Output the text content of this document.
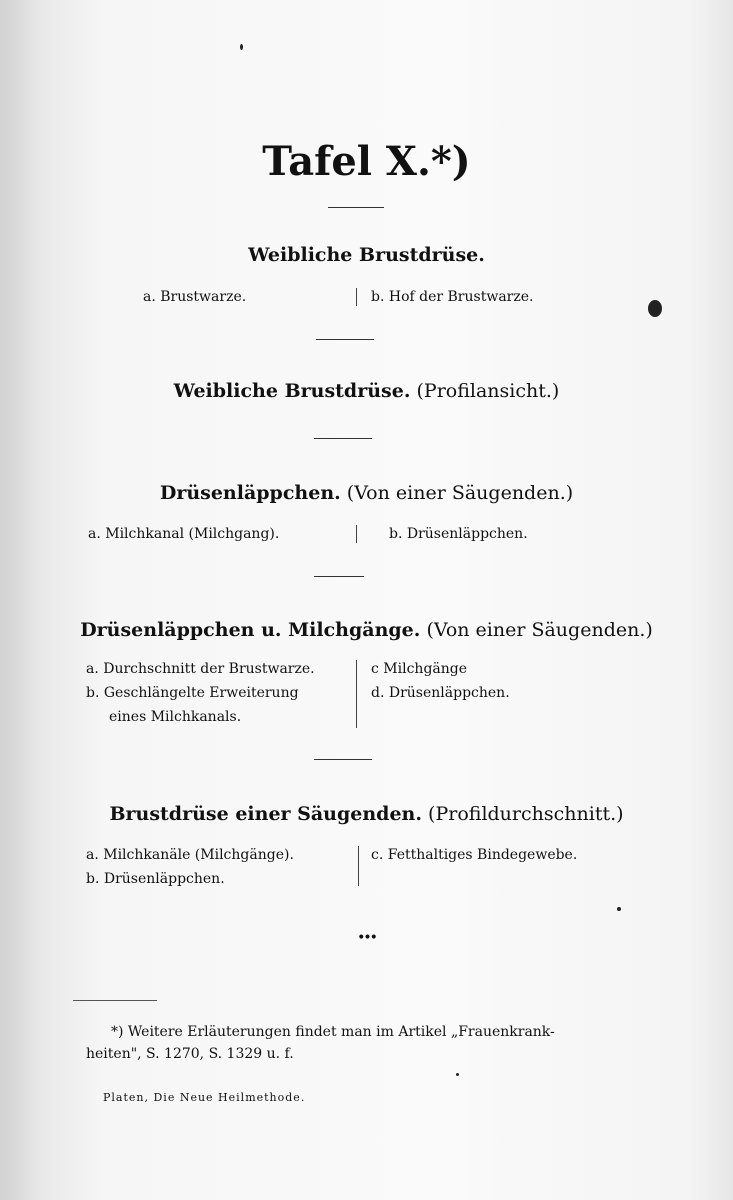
Tafel X.*)
Weibliche Brustdrüse.
a. Brustwarze.	b. Hof der Brustwarze.
Weibliche Brustdrüse. (Profilansicht.)
Drüsenläppchen. (Von einer Säugenden.)
a. Milchkanal (Milchgang).	b. Drüsenläppchen.
Drüsenläppchen u. Milchgänge. (Von einer Säugenden.)
a. Durchschnitt der Brustwarze.
b. Geschlängelte Erweiterung
eines Milchkanals.
c Milchgänge
d. Drüsenläppchen.
Brustdrüse einer Säugenden. (Profildurchschnitt.)
a. Milchkanäle (Milchgänge).
b. Drüsenläppchen.
c. Fetthaltiges Bindegewebe.
•••
*) Weitere Erläuterungen findet man im Artikel „Frauenkrank-
heiten", S. 1270, S. 1329 u. f.
Platen, Die Neue Heilmethode.
